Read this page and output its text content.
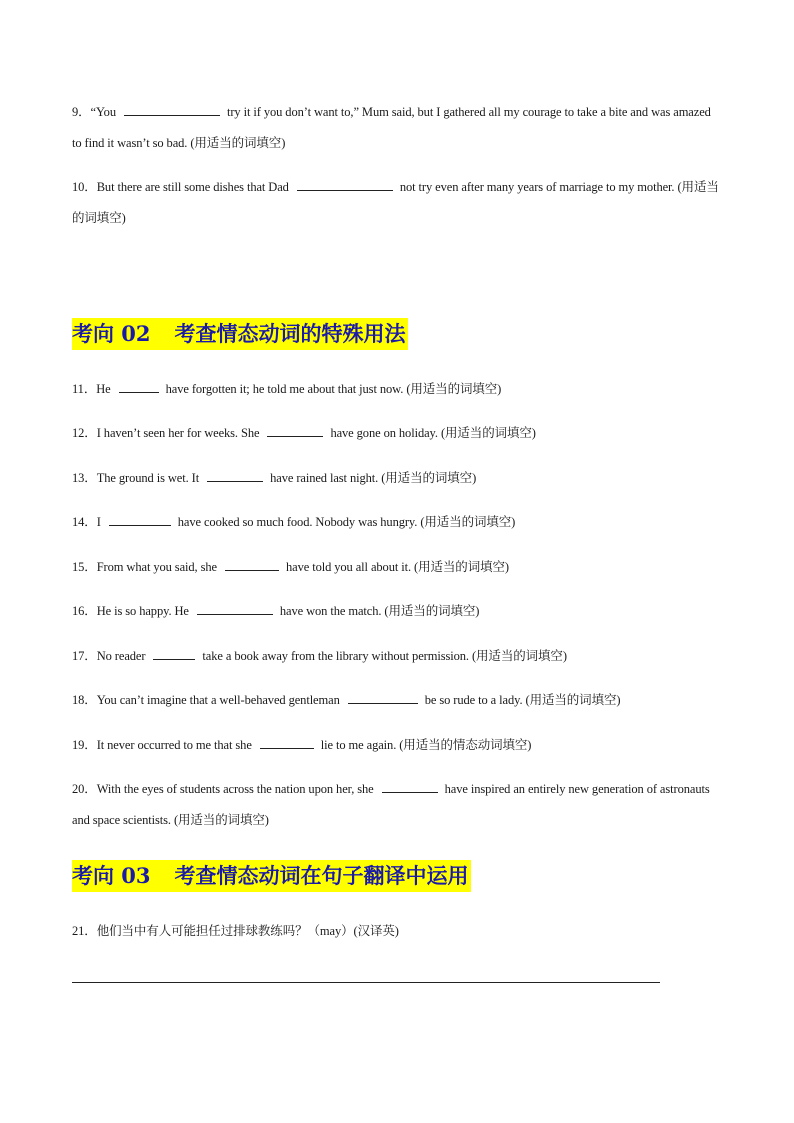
9．“You	try it if you don’t want to,” Mum said, but I gathered all my courage to take a bite and was amazed to find it wasn’t so bad. (用适当的词填空)
10．But there are still some dishes that Dad	not try even after many years of marriage to my mother. (用适当的词填空)
考向 02 考查情态动词的特殊用法
11．He	have forgotten it; he told me about that just now. (用适当的词填空)
12．I haven’t seen her for weeks. She	have gone on holiday. (用适当的词填空)
13．The ground is wet. It	have rained last night. (用适当的词填空)
14．I	have cooked so much food. Nobody was hungry. (用适当的词填空)
15．From what you said, she	have told you all about it. (用适当的词填空)
16．He is so happy. He	have won the match. (用适当的词填空)
17．No reader	take a book away from the library without permission. (用适当的词填空)
18．You can’t imagine that a well-behaved gentleman	be so rude to a lady. (用适当的词填空)
19．It never occurred to me that she	lie to me again. (用适当的情态动词填空)
20．With the eyes of students across the nation upon her, she	have inspired an entirely new generation of astronauts and space scientists. (用适当的词填空)
考向 03 考查情态动词在句子翻译中运用
21．他们当中有人可能担任过排球教练吗？（may）(汉译英)
